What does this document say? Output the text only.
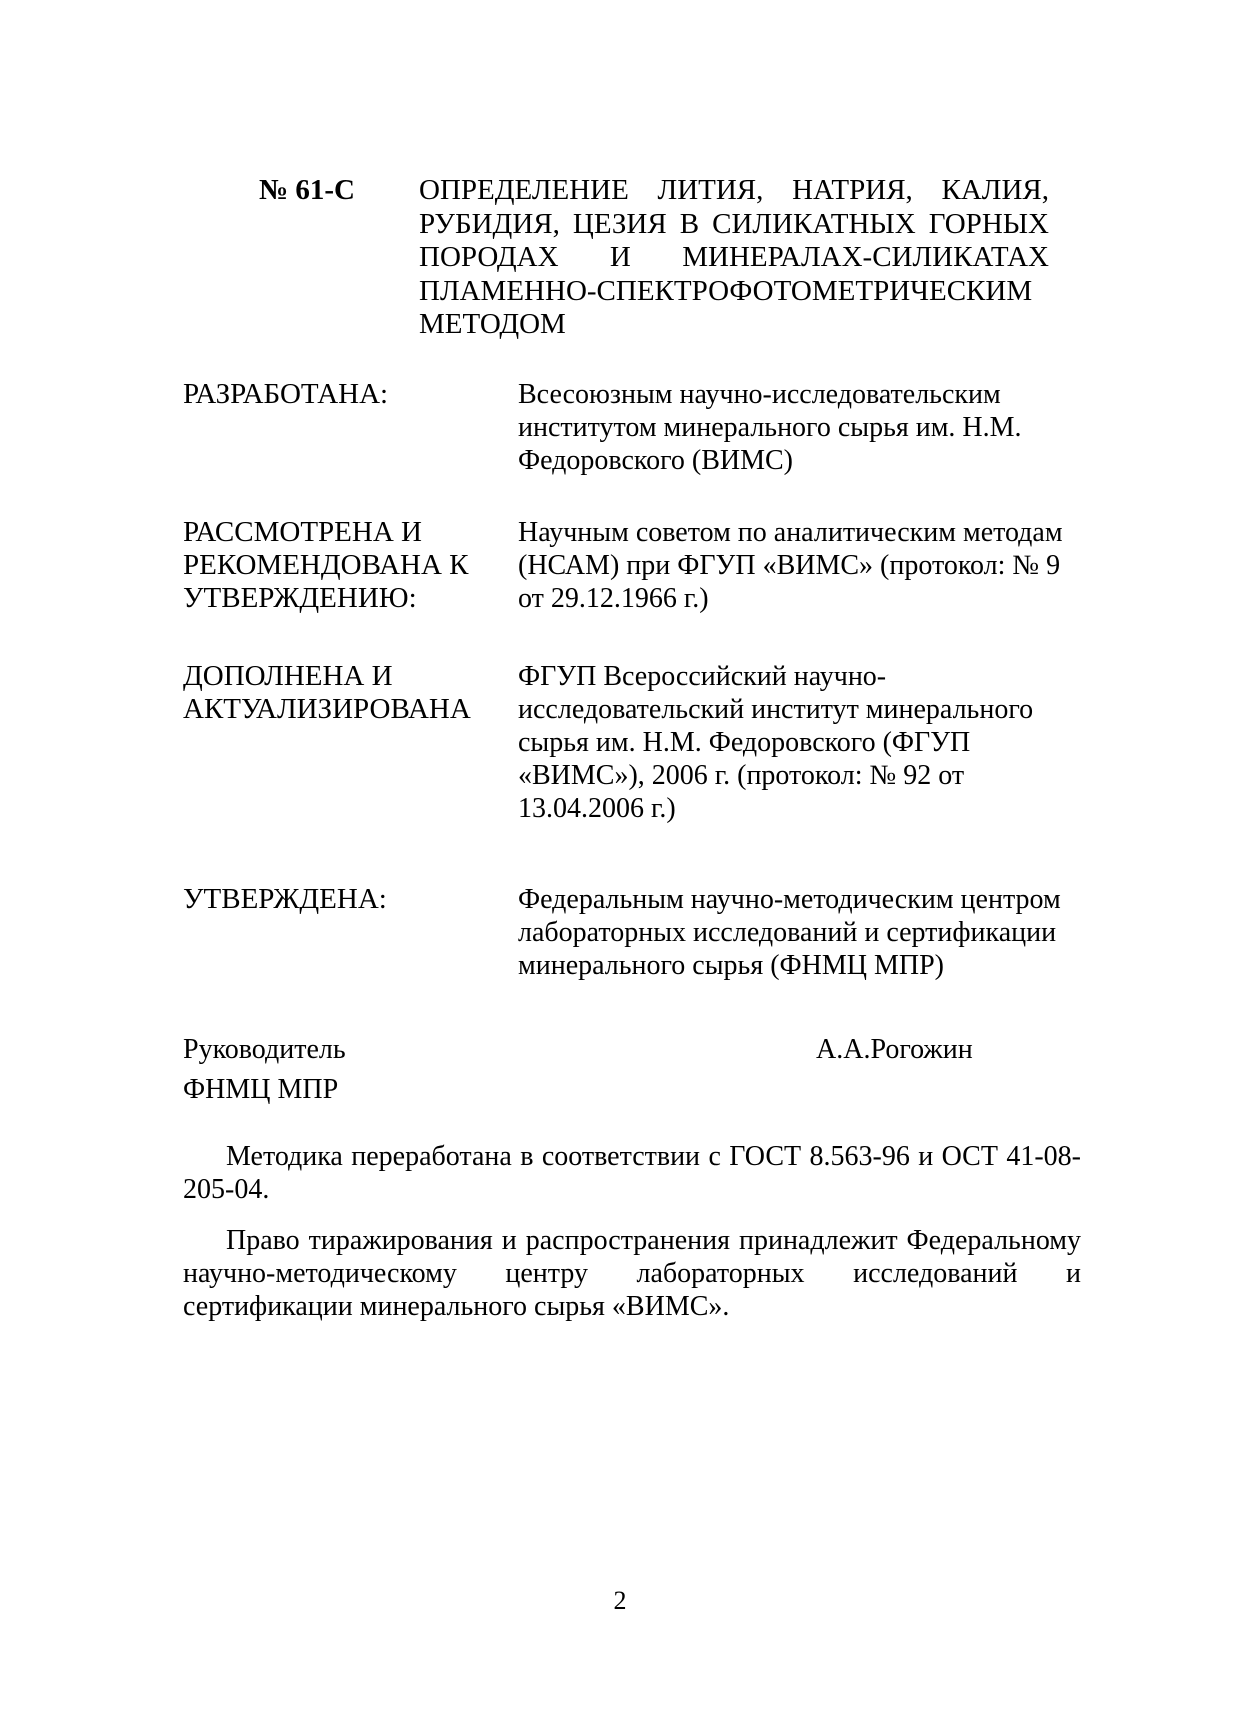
№ 61-С ОПРЕДЕЛЕНИЕ ЛИТИЯ, НАТРИЯ, КАЛИЯ, РУБИДИЯ, ЦЕЗИЯ В СИЛИКАТНЫХ ГОРНЫХ ПОРОДАХ И МИНЕРАЛАХ-СИЛИКАТАХ ПЛАМЕННО-СПЕКТРОФОТОМЕТРИЧЕСКИМ МЕТОДОМ
РАЗРАБОТАНА:	Всесоюзным научно-исследовательским институтом минерального сырья им. Н.М. Федоровского (ВИМС)
РАССМОТРЕНА И
РЕКОМЕНДОВАНА К
УТВЕРЖДЕНИЮ:
Научным советом по аналитическим методам (НСАМ) при ФГУП «ВИМС» (протокол: № 9 от 29.12.1966 г.)
ДОПОЛНЕНА И
АКТУАЛИЗИРОВАНА
ФГУП Всероссийский научно-исследовательский институт минерального сырья им. Н.М. Федоровского (ФГУП «ВИМС»), 2006 г. (протокол: № 92 от 13.04.2006 г.)
УТВЕРЖДЕНА:	Федеральным научно-методическим центром лабораторных исследований и сертификации минерального сырья (ФНМЦ МПР)
Руководитель
ФНМЦ МПР
А.А.Рогожин
Методика переработана в соответствии с ГОСТ 8.563-96 и ОСТ 41-08-205-04.
Право тиражирования и распространения принадлежит Федеральному научно-методическому центру лабораторных исследований и сертификации минерального сырья «ВИМС».
2
